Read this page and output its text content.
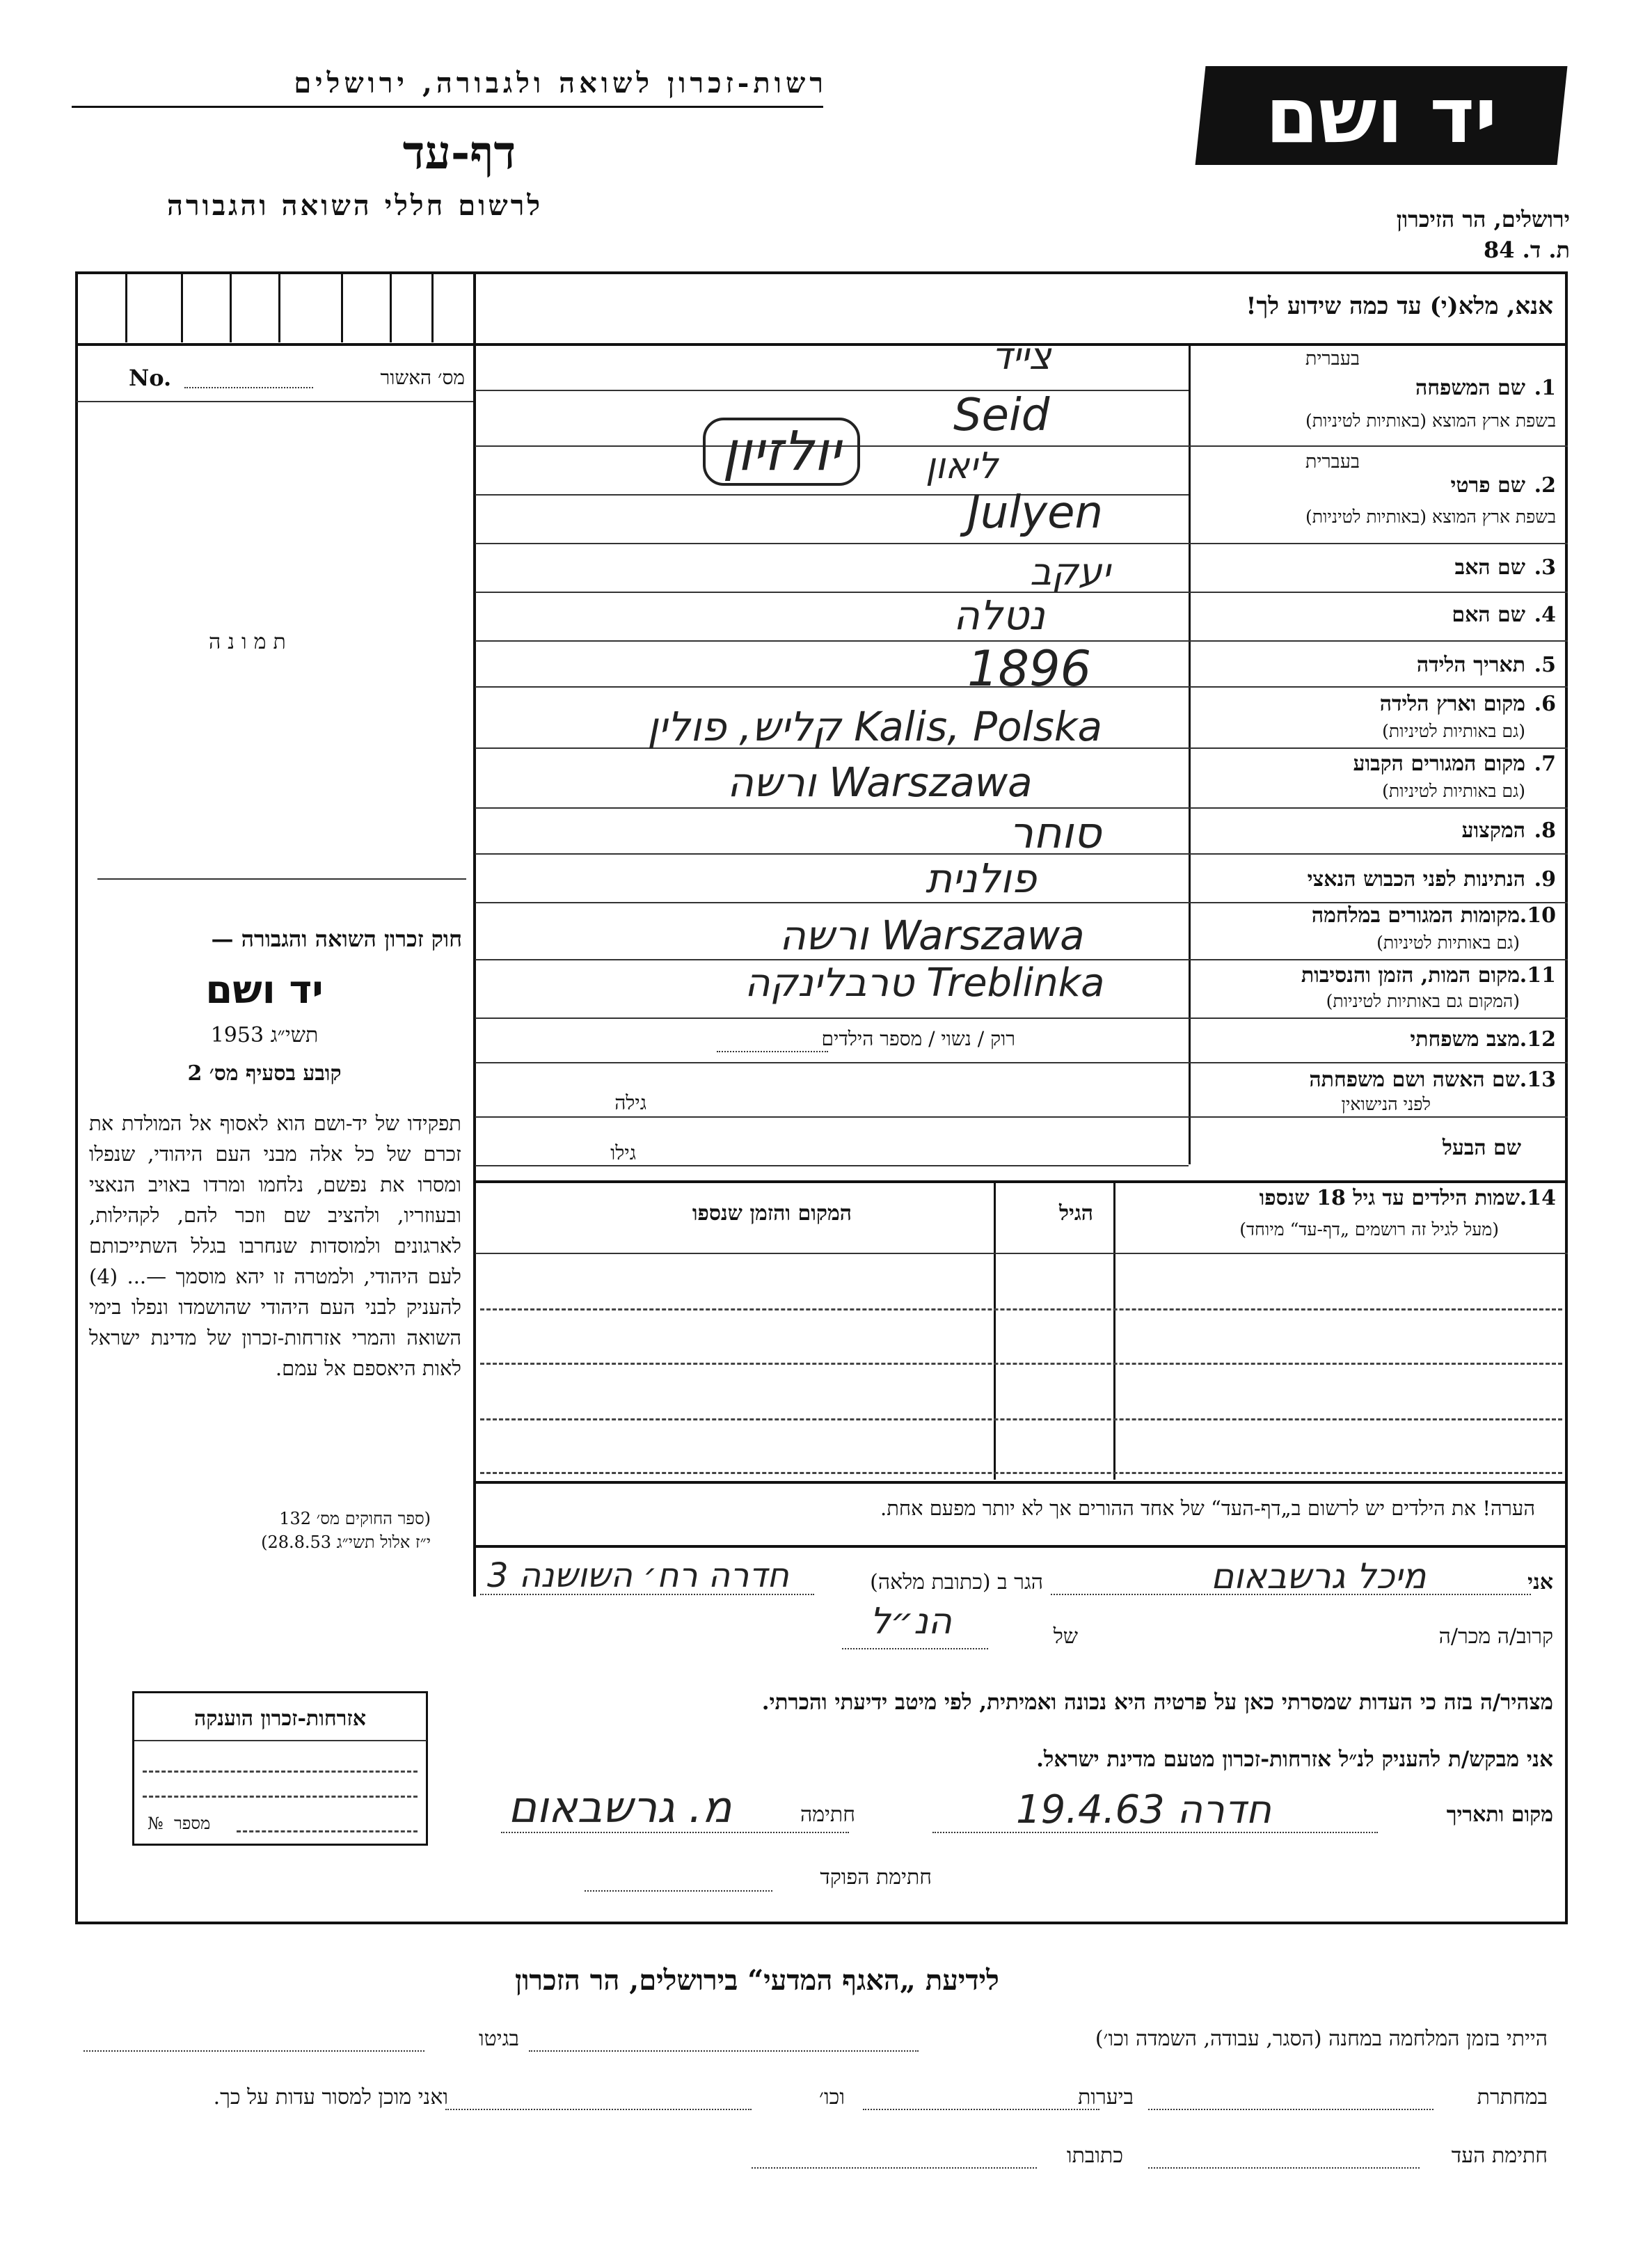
רשות-זכרון לשואה ולגבורה, ירושלים
דף-עד
לרשום חללי השואה והגבורה
יד ושם
ירושלים, הר הזיכרון
ת. ד. 84
אנא, מלא(י) עד כמה שידוע לך!
No.	מס׳ האשור
תמונה
חוק זכרון השואה והגבורה —
יד ושם
תשי״ג 1953
קובע בסעיף מס׳ 2
תפקידו של יד-ושם הוא לאסוף אל המולדת את זכרם של כל אלה מבני העם היהודי, שנפלו ומסרו את נפשם, נלחמו ומרדו באויב הנאצי ובעוזריו, ולהציב שם וזכר להם, לקהילות, לארגונים ולמוסדות שנחרבו בגלל השתייכותם לעם היהודי, ולמטרה זו יהא מוסמך —... (4) להעניק לבני העם היהודי שהושמדו ונפלו בימי השואה והמרי אזרחות-זכרון של מדינת ישראל לאות היאספם אל עמם.
(ספר החוקים מס׳ 132
י״ז אלול תשי״ג 28.8.53)
בעברית
1.
שם המשפחה
בשפת ארץ המוצא (באותיות לטיניות)
בעברית
2.
שם פרטי
בשפת ארץ המוצא (באותיות לטיניות)
3.
שם האב
4.
שם האם
5.
תאריך הלידה
6.
מקום וארץ הלידה
(גם באותיות לטיניות)
7.
מקום המגורים הקבוע
(גם באותיות לטיניות)
8.
המקצוע
9.
הנתינות לפני הכבוש הנאצי
10.
מקומות המגורים במלחמה
(גם באותיות לטיניות)
11.
מקום המות, הזמן והנסיבות
(המקום גם באותיות לטיניות)
12.
מצב משפחתי
13.
שם האשה ושם משפחתה
לפני הנישואין
שם הבעל
צייד
Seid
יולזיון	ליאון
Julyen
יעקב
נטלה
1896
קליש, פולין Kalis, Polska
ורשה Warszawa
סוחר
פולנית
ורשה Warszawa
טרבלינקה Treblinka
רוק / נשוי / מספר הילדים
גילה
גילו
14.
שמות הילדים עד גיל 18 שנספו
(מעל לגיל זה רושמים „דף-עד“ מיוחד)
הגיל
המקום והזמן שנספו
הערה! את הילדים יש לרשום ב„דף-העד“ של אחד ההורים אך לא יותר מפעם אחת.
אני
מיכל גרשבאום
הגר ב (כתובת מלאה)
חדרה רח׳ השושנה 3
קרוב/ה מכר/ה
של
הנ״ל
מצהיר/ה בזה כי העדות שמסרתי כאן על פרטיה היא נכונה ואמיתית, לפי מיטב ידיעתי והכרתי.
אני מבקש/ת להעניק לנ״ל אזרחות-זכרון מטעם מדינת ישראל.
מקום ותאריך
חדרה 19.4.63
חתימה
מ. גרשבאום
חתימת הפוקד
אזרחות-זכרון הוענקה
№ מספר
לידיעת „האגף המדעי“ בירושלים, הר הזכרון
הייתי בזמן המלחמה במחנה (הסגר, עבודה, השמדה וכו׳)
בגיטו
במחתרת
ביערות
וכו׳
ואני מוכן למסור עדות על כך.
חתימת העד
כתובתו
